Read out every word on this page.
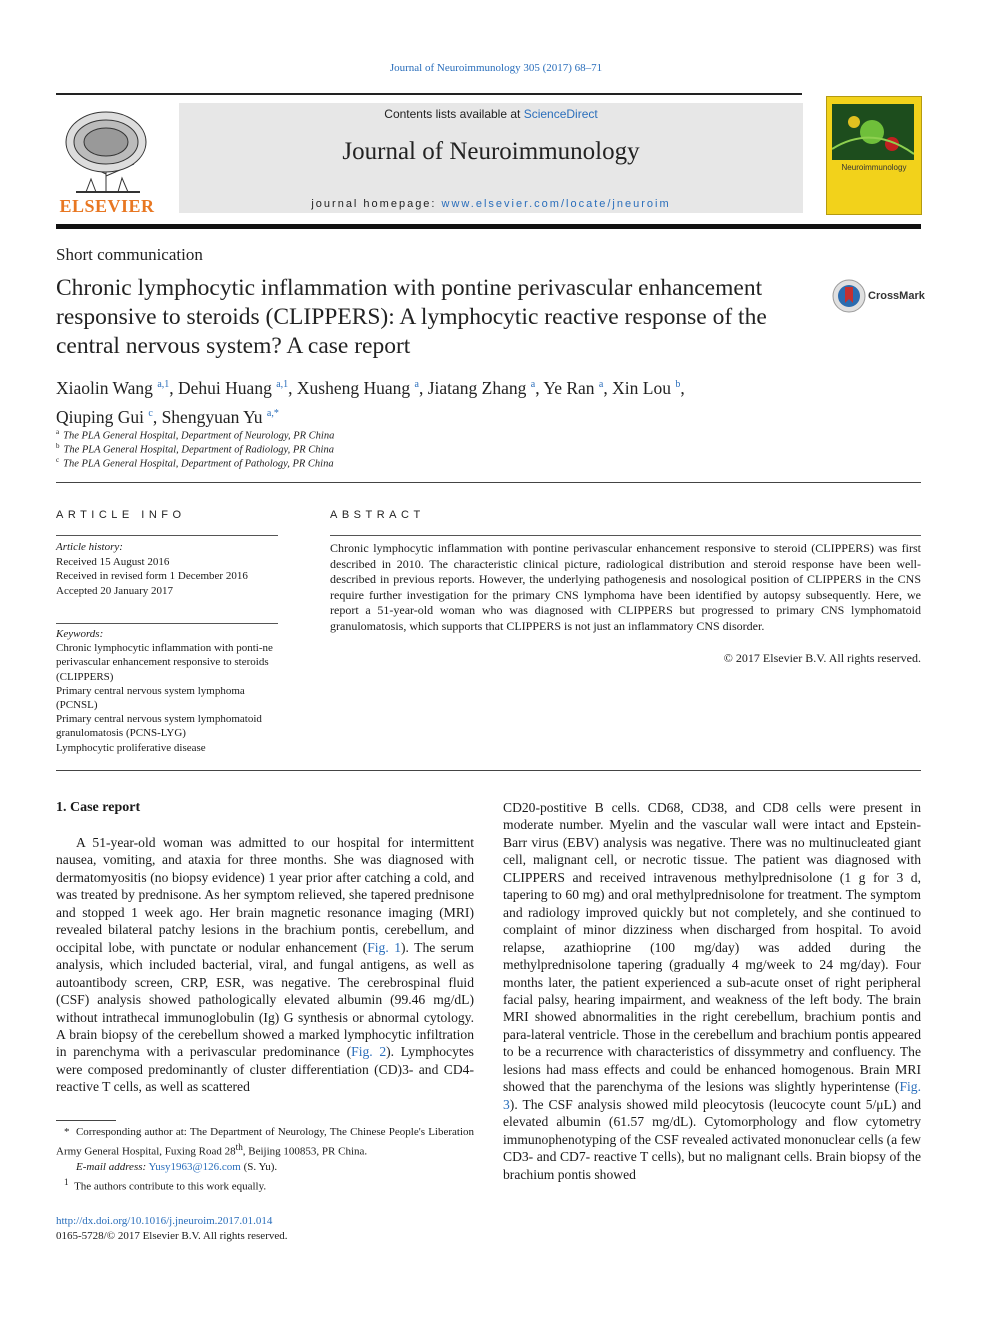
Journal of Neuroimmunology 305 (2017) 68–71
ELSEVIER
Contents lists available at ScienceDirect
Journal of Neuroimmunology
journal homepage: www.elsevier.com/locate/jneuroim
Neuroimmunology
Short communication
Chronic lymphocytic inflammation with pontine perivascular enhancement responsive to steroids (CLIPPERS): A lymphocytic reactive response of the central nervous system? A case report
CrossMark
Xiaolin Wang $^{a,1}$, Dehui Huang $^{a,1}$, Xusheng Huang $^a$, Jiatang Zhang $^a$, Ye Ran $^a$, Xin Lou $^b$,
Qiuping Gui $^c$, Shengyuan Yu $^{a,*}$
$^a$ The PLA General Hospital, Department of Neurology, PR China
$^b$ The PLA General Hospital, Department of Radiology, PR China
$^c$ The PLA General Hospital, Department of Pathology, PR China
ARTICLE INFO	ABSTRACT
Article history:
Received 15 August 2016
Received in revised form 1 December 2016
Accepted 20 January 2017
Keywords:
Chronic lymphocytic inflammation with ponti-ne perivascular enhancement responsive to steroids (CLIPPERS)
Primary central nervous system lymphoma (PCNSL)
Primary central nervous system lymphomatoid granulomatosis (PCNS-LYG)
Lymphocytic proliferative disease
Chronic lymphocytic inflammation with pontine perivascular enhancement responsive to steroid (CLIPPERS) was first described in 2010. The characteristic clinical picture, radiological distribution and steroid response have been well-described in previous reports. However, the underlying pathogenesis and nosological position of CLIPPERS in the CNS require further investigation for the primary CNS lymphoma have been identified by autopsy subsequently. Here, we report a 51-year-old woman who was diagnosed with CLIPPERS but progressed to primary CNS lymphomatoid granulomatosis, which supports that CLIPPERS is not just an inflammatory CNS disorder.
© 2017 Elsevier B.V. All rights reserved.
1. Case report
A 51-year-old woman was admitted to our hospital for intermittent nausea, vomiting, and ataxia for three months. She was diagnosed with dermatomyositis (no biopsy evidence) 1 year prior after catching a cold, and was treated by prednisone. As her symptom relieved, she tapered prednisone and stopped 1 week ago. Her brain magnetic resonance imaging (MRI) revealed bilateral patchy lesions in the brachium pontis, cerebellum, and occipital lobe, with punctate or nodular enhancement (Fig. 1). The serum analysis, which included bacterial, viral, and fungal antigens, as well as autoantibody screen, CRP, ESR, was negative. The cerebrospinal fluid (CSF) analysis showed pathologically elevated albumin (99.46 mg/dL) without intrathecal immunoglobulin (Ig) G synthesis or abnormal cytology. A brain biopsy of the cerebellum showed a marked lymphocytic infiltration in parenchyma with a perivascular predominance (Fig. 2). Lymphocytes were composed predominantly of cluster differentiation (CD)3- and CD4-reactive T cells, as well as scattered
CD20-postitive B cells. CD68, CD38, and CD8 cells were present in moderate number. Myelin and the vascular wall were intact and Epstein-Barr virus (EBV) analysis was negative. There was no multinucleated giant cell, malignant cell, or necrotic tissue. The patient was diagnosed with CLIPPERS and received intravenous methylprednisolone (1 g for 3 d, tapering to 60 mg) and oral methylprednisolone for treatment. The symptom and radiology improved quickly but not completely, and she continued to complaint of minor dizziness when discharged from hospital. To avoid relapse, azathioprine (100 mg/day) was added during the methylprednisolone tapering (gradually 4 mg/week to 24 mg/day). Four months later, the patient experienced a sub-acute onset of right peripheral facial palsy, hearing impairment, and weakness of the left body. The brain MRI showed abnormalities in the right cerebellum, brachium pontis and para-lateral ventricle. Those in the cerebellum and brachium pontis appeared to be a recurrence with characteristics of dissymmetry and confluency. The lesions had mass effects and could be enhanced homogenous. Brain MRI showed that the parenchyma of the lesions was slightly hyperintense (Fig. 3). The CSF analysis showed mild pleocytosis (leucocyte count 5/μL) and elevated albumin (61.57 mg/dL). Cytomorphology and flow cytometry immunophenotyping of the CSF revealed activated mononuclear cells (a few CD3- and CD7- reactive T cells), but no malignant cells. Brain biopsy of the brachium pontis showed

* Corresponding author at: The Department of Neurology, The Chinese People's Liberation Army General Hospital, Fuxing Road 28th, Beijing 100853, PR China.

E-mail address: Yusy1963@126.com (S. Yu).

$^1$ The authors contribute to this work equally.

http://dx.doi.org/10.1016/j.jneuroim.2017.01.014
0165-5728/© 2017 Elsevier B.V. All rights reserved.
